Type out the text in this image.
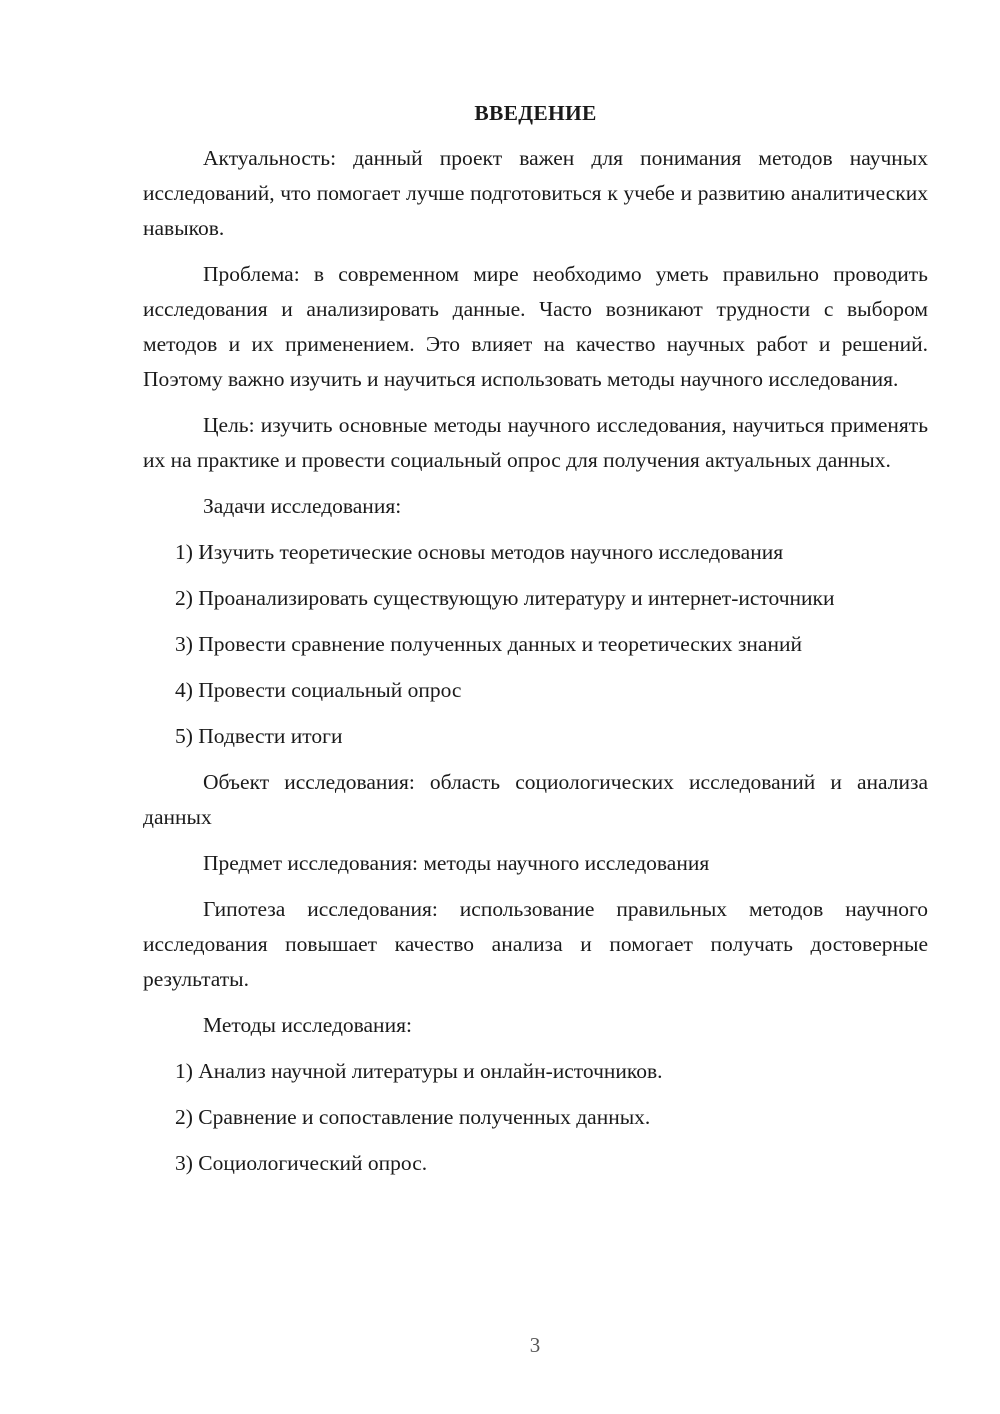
ВВЕДЕНИЕ

Актуальность: данный проект важен для понимания методов научных исследований, что помогает лучше подготовиться к учебе и развитию аналитических навыков.

Проблема: в современном мире необходимо уметь правильно проводить исследования и анализировать данные. Часто возникают трудности с выбором методов и их применением. Это влияет на качество научных работ и решений. Поэтому важно изучить и научиться использовать методы научного исследования.

Цель: изучить основные методы научного исследования, научиться применять их на практике и провести социальный опрос для получения актуальных данных.

Задачи исследования:

1) Изучить теоретические основы методов научного исследования

2) Проанализировать существующую литературу и интернет-источники

3) Провести сравнение полученных данных и теоретических знаний

4) Провести социальный опрос

5) Подвести итоги

Объект исследования: область социологических исследований и анализа данных

Предмет исследования: методы научного исследования

Гипотеза исследования: использование правильных методов научного исследования повышает качество анализа и помогает получать достоверные результаты.

Методы исследования:

1) Анализ научной литературы и онлайн-источников.

2) Сравнение и сопоставление полученных данных.

3) Социологический опрос.

3
